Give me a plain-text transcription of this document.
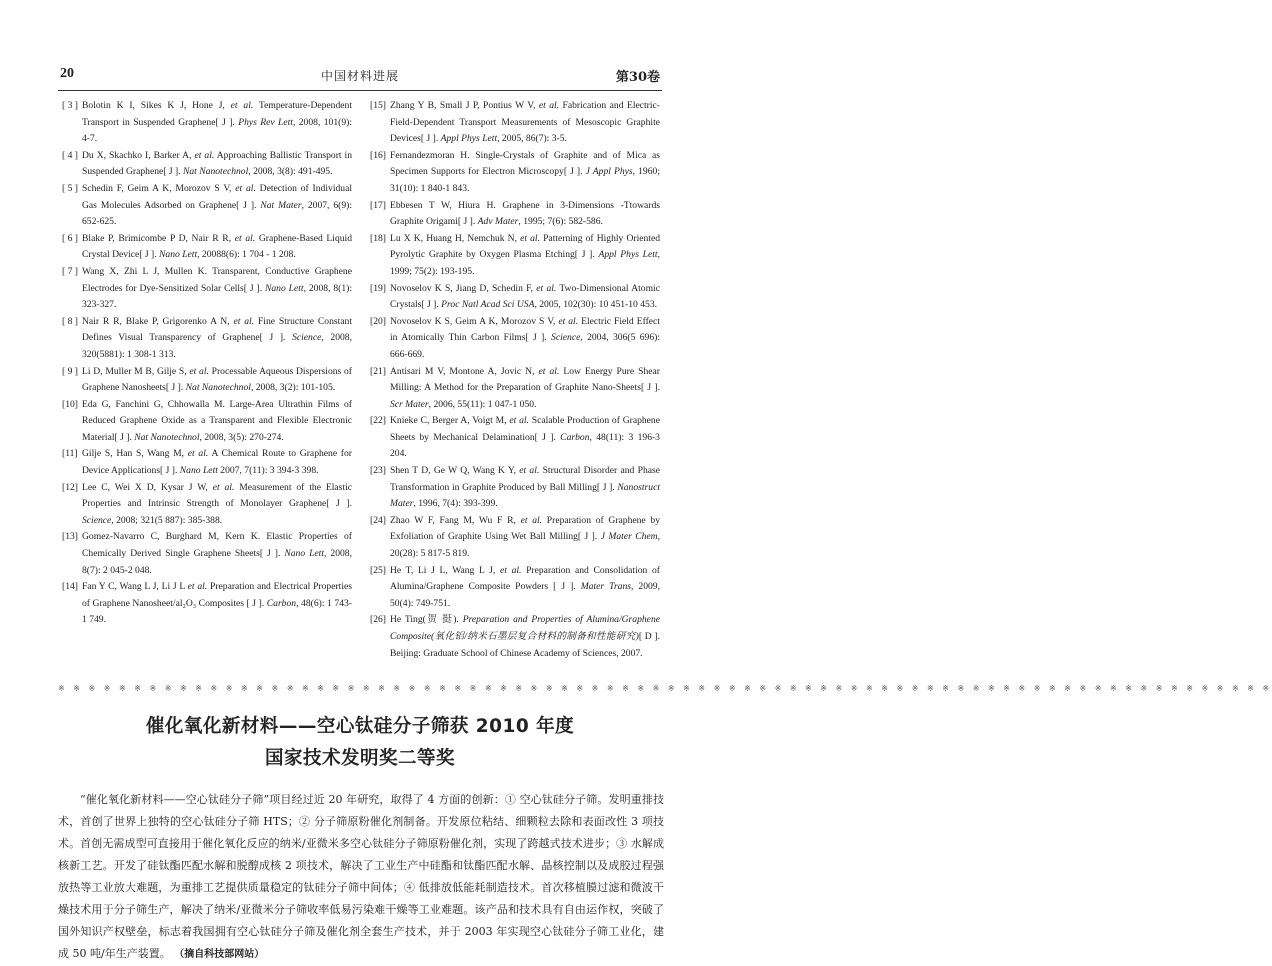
20	中国材料进展	第30卷
[ 3 ] Bolotin K I, Sikes K J, Hone J, et al. Temperature-Dependent Transport in Suspended Graphene[ J ]. Phys Rev Lett, 2008, 101(9): 4-7.
[ 4 ] Du X, Skachko I, Barker A, et al. Approaching Ballistic Transport in Suspended Graphene[ J ]. Nat Nanotechnol, 2008, 3(8): 491-495.
[ 5 ] Schedin F, Geim A K, Morozov S V, et al. Detection of Individual Gas Molecules Adsorbed on Graphene[ J ]. Nat Mater, 2007, 6(9): 652-625.
[ 6 ] Blake P, Brimicombe P D, Nair R R, et al. Graphene-Based Liquid Crystal Device[ J ]. Nano Lett, 20088(6): 1 704 - 1 208.
[ 7 ] Wang X, Zhi L J, Mullen K. Transparent, Conductive Graphene Electrodes for Dye-Sensitized Solar Cells[ J ]. Nano Lett, 2008, 8(1): 323-327.
[ 8 ] Nair R R, Blake P, Grigorenko A N, et al. Fine Structure Constant Defines Visual Transparency of Graphene[ J ]. Science, 2008, 320(5881): 1 308-1 313.
[ 9 ] Li D, Muller M B, Gilje S, et al. Processable Aqueous Dispersions of Graphene Nanosheets[ J ]. Nat Nanotechnol, 2008, 3(2): 101-105.
[10] Eda G, Fanchini G, Chhowalla M. Large-Area Ultrathin Films of Reduced Graphene Oxide as a Transparent and Flexible Electronic Material[ J ]. Nat Nanotechnol, 2008, 3(5): 270-274.
[11] Gilje S, Han S, Wang M, et al. A Chemical Route to Graphene for Device Applications[ J ]. Nano Lett 2007, 7(11): 3 394-3 398.
[12] Lee C, Wei X D, Kysar J W, et al. Measurement of the Elastic Properties and Intrinsic Strength of Monolayer Graphene[ J ]. Science, 2008; 321(5 887): 385-388.
[13] Gomez-Navarro C, Burghard M, Kern K. Elastic Properties of Chemically Derived Single Graphene Sheets[ J ]. Nano Lett, 2008, 8(7): 2 045-2 048.
[14] Fan Y C, Wang L J, Li J L et al. Preparation and Electrical Properties of Graphene Nanosheet/al₂O₃ Composites [ J ]. Carbon, 48(6): 1 743-1 749.
[15] Zhang Y B, Small J P, Pontius W V, et al. Fabrication and Electric-Field-Dependent Transport Measurements of Mesoscopic Graphite Devices[ J ]. Appl Phys Lett, 2005, 86(7): 3-5.
[16] Fernandezmoran H. Single-Crystals of Graphite and of Mica as Specimen Supports for Electron Microscopy[ J ]. J Appl Phys, 1960; 31(10): 1 840-1 843.
[17] Ebbesen T W, Hiura H. Graphene in 3-Dimensions -Ttowards Graphite Origami[ J ]. Adv Mater, 1995; 7(6): 582-586.
[18] Lu X K, Huang H, Nemchuk N, et al. Patterning of Highly Oriented Pyrolytic Graphite by Oxygen Plasma Etching[ J ]. Appl Phys Lett, 1999; 75(2): 193-195.
[19] Novoselov K S, Jiang D, Schedin F, et al. Two-Dimensional Atomic Crystals[ J ]. Proc Natl Acad Sci USA, 2005, 102(30): 10 451-10 453.
[20] Novoselov K S, Geim A K, Morozov S V, et al. Electric Field Effect in Atomically Thin Carbon Films[ J ]. Science, 2004, 306(5 696): 666-669.
[21] Antisari M V, Montone A, Jovic N, et al. Low Energy Pure Shear Milling: A Method for the Preparation of Graphite Nano-Sheets[ J ]. Scr Mater, 2006, 55(11): 1 047-1 050.
[22] Knieke C, Berger A, Voigt M, et al. Scalable Production of Graphene Sheets by Mechanical Delamination[ J ]. Carbon, 48(11): 3 196-3 204.
[23] Shen T D, Ge W Q, Wang K Y, et al. Structural Disorder and Phase Transformation in Graphite Produced by Ball Milling[ J ]. Nanostruct Mater, 1996, 7(4): 393-399.
[24] Zhao W F, Fang M, Wu F R, et al. Preparation of Graphene by Exfoliation of Graphite Using Wet Ball Milling[ J ]. J Mater Chem, 20(28): 5 817-5 819.
[25] He T, Li J L, Wang L J, et al. Preparation and Consolidation of Alumina/Graphene Composite Powders [ J ]. Mater Trans, 2009, 50(4): 749-751.
[26] He Ting(贺 挺). Preparation and Properties of Alumina/Graphene Composite(氧化铝/纳米石墨层复合材料的制备和性能研究)[ D ]. Beijing: Graduate School of Chinese Academy of Sciences, 2007.
※ ※ ※ ※ ※ ※ ※ ※ ※ ※ ※ ※ ※ ※ ※ ※ ※ ※ ※ ※ ※ ※ ※ ※ ※ ※ ※ ※ ※ ※ ※ ※ ※ ※ ※ ※ ※ ※ ※ ※ ※ ※ ※ ※ ※ ※ ※ ※ ※ ※ ※ ※ ※ ※ ※ ※ ※ ※ ※ ※ ※ ※ ※ ※ ※ ※ ※ ※ ※ ※ ※ ※ ※ ※ ※ ※ ※ ※ ※ ※
催化氧化新材料——空心钛硅分子筛获 2010 年度
国家技术发明奖二等奖
“催化氧化新材料——空心钛硅分子筛”项目经过近 20 年研究，取得了 4 方面的创新：① 空心钛硅分子筛。发明重排技术，首创了世界上独特的空心钛硅分子筛 HTS；② 分子筛原粉催化剂制备。开发原位粘结、细颗粒去除和表面改性 3 项技术。首创无需成型可直接用于催化氧化反应的纳米/亚微米多空心钛硅分子筛原粉催化剂，实现了跨越式技术进步；③ 水解成核新工艺。开发了硅钛酯匹配水解和脱醇成核 2 项技术，解决了工业生产中硅酯和钛酯匹配水解、晶核控制以及成胶过程强放热等工业放大难题，为重排工艺提供质量稳定的钛硅分子筛中间体；④ 低排放低能耗制造技术。首次移植膜过滤和微波干燥技术用于分子筛生产，解决了纳米/亚微米分子筛收率低易污染难干燥等工业难题。该产品和技术具有自由运作权，突破了国外知识产权壁垒，标志着我国拥有空心钛硅分子筛及催化剂全套生产技术，并于 2003 年实现空心钛硅分子筛工业化，建成 50 吨/年生产装置。 （摘自科技部网站）
